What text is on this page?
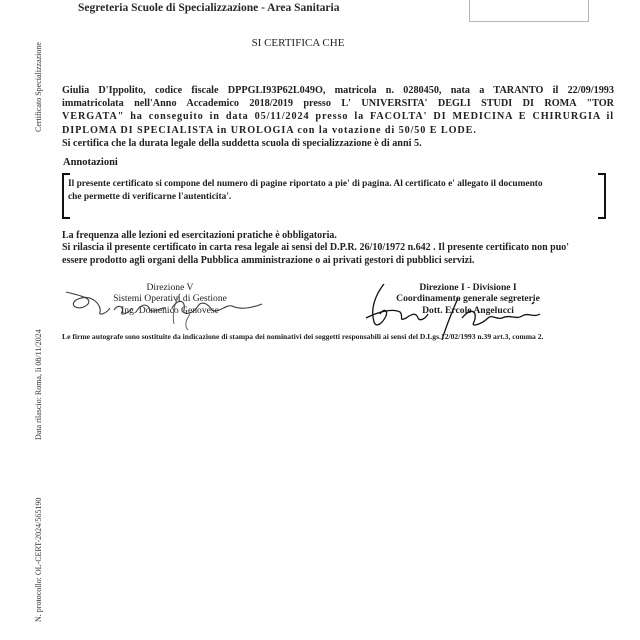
Certificato Specializzazione
Data rilascio: Roma, li 08/11/2024
N. protocollo: OL-CERT-2024/565190
Segreteria Scuole di Specializzazione - Area Sanitaria
SI CERTIFICA CHE
Giulia D'Ippolito, codice fiscale DPPGLI93P62L049O, matricola n. 0280450, nata a TARANTO il 22/09/1993
immatricolata nell'Anno Accademico 2018/2019 presso L' UNIVERSITA' DEGLI STUDI DI ROMA "TOR
VERGATA" ha conseguito in data 05/11/2024 presso la FACOLTA' DI MEDICINA E CHIRURGIA il
DIPLOMA DI SPECIALISTA in UROLOGIA con la votazione di 50/50 E LODE.
Si certifica che la durata legale della suddetta scuola di specializzazione è di anni 5.
Annotazioni
Il presente certificato si compone del numero di pagine riportato a pie' di pagina. Al certificato e' allegato il documento
che permette di verificarne l'autenticita'.
La frequenza alle lezioni ed esercitazioni pratiche è obbligatoria.
Si rilascia il presente certificato in carta resa legale ai sensi del D.P.R. 26/10/1972 n.642 . Il presente certificato non puo'
essere prodotto agli organi della Pubblica amministrazione o ai privati gestori di pubblici servizi.
Direzione V
Sistemi Operativi di Gestione
Ing. Domenico Genovese
Direzione I - Divisione I
Coordinamento generale segreterie
Dott. Ercole Angelucci
Le firme autografe sono sostituite da indicazione di stampa dei nominativi dei soggetti responsabili ai sensi del D.Lgs.12/02/1993 n.39 art.3, comma 2.
